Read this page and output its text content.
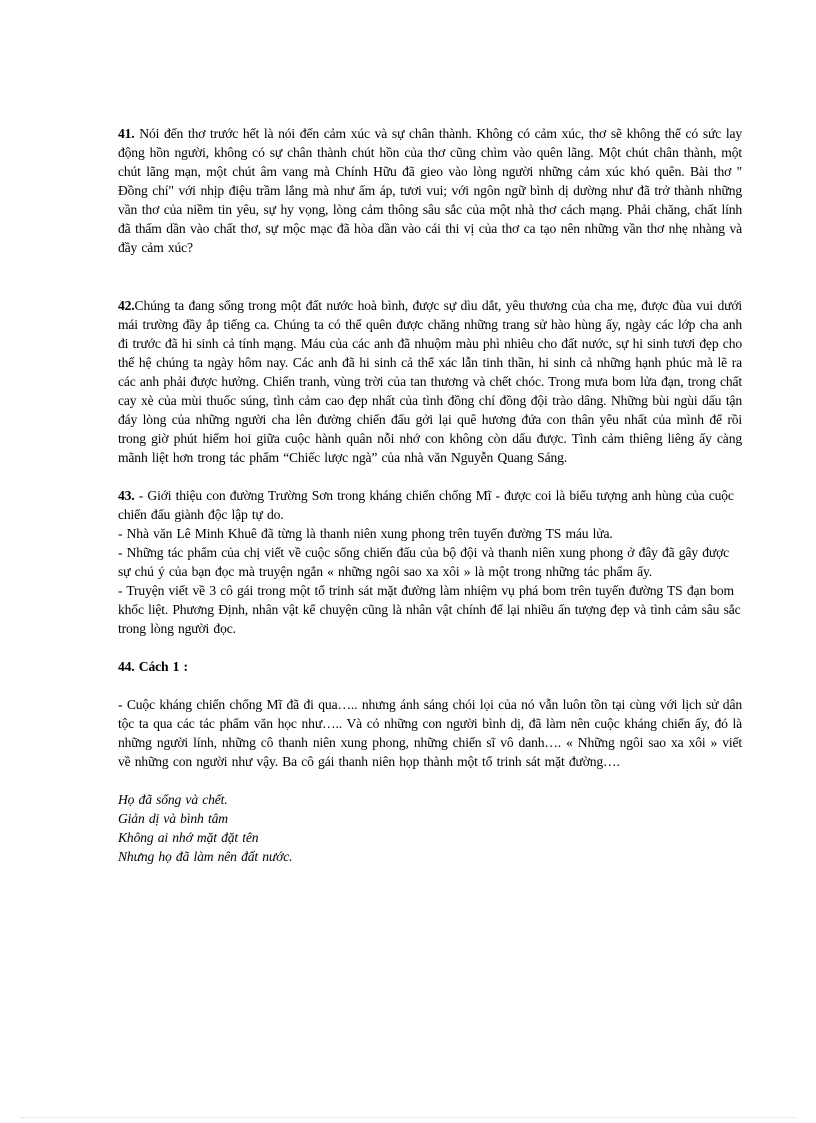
41. Nói đến thơ trước hết là nói đến cảm xúc và sự chân thành. Không có cảm xúc, thơ sẽ không thể có sức lay động hồn người, không có sự chân thành chút hồn của thơ cũng chìm vào quên lãng. Một chút chân thành, một chút lãng mạn, một chút âm vang mà Chính Hữu đã gieo vào lòng người những cảm xúc khó quên. Bài thơ " Đồng chí" với nhịp điệu trầm lắng mà như ấm áp, tươi vui; với ngôn ngữ bình dị dường như đã trở thành những vần thơ của niềm tin yêu, sự hy vọng, lòng cảm thông sâu sắc của một nhà thơ cách mạng. Phải chăng, chất lính đã thấm dần vào chất thơ, sự mộc mạc đã hòa dần vào cái thi vị của thơ ca tạo nên những vần thơ nhẹ nhàng và đầy cảm xúc?

42.Chúng ta đang sống trong một đất nước hoà bình, được sự dìu dắt, yêu thương của cha mẹ, được đùa vui dưới mái trường đầy ắp tiếng ca. Chúng ta có thể quên được chăng những trang sử hào hùng ấy, ngày các lớp cha anh đi trước đã hi sinh cả tính mạng. Máu của các anh đã nhuộm màu phì nhiêu cho đất nước, sự hi sinh tươi đẹp cho thế hệ chúng ta ngày hôm nay. Các anh đã hi sinh cả thể xác lẫn tinh thần, hi sinh cả những hạnh phúc mà lẽ ra các anh phải được hưởng. Chiến tranh, vùng trời của tan thương và chết chóc. Trong mưa bom lửa đạn, trong chất cay xè của mùi thuốc súng, tình cảm cao đẹp nhất của tình đồng chí đồng đội trào dâng. Những bùi ngùi dấu tận đáy lòng của những người cha lên đường chiến đấu gởi lại quê hương đứa con thân yêu nhất của mình để rồi trong giờ phút hiểm hoi giữa cuộc hành quân nỗi nhớ con không còn dấu được. Tình cảm thiêng liêng ấy càng mãnh liệt hơn trong tác phẩm “Chiếc lược ngà” của nhà văn Nguyễn Quang Sáng.

43. - Giới thiệu con đường Trường Sơn trong kháng chiến chống Mĩ - được coi là biểu tượng anh hùng của cuộc chiến đấu giành độc lập tự do.
- Nhà văn Lê Minh Khuê đã từng là thanh niên xung phong trên tuyến đường TS máu lửa.
- Những tác phẩm của chị viết về cuộc sống chiến đấu của bộ đội và thanh niên xung phong ở đây đã gây được sự chú ý của bạn đọc mà truyện ngắn « những ngôi sao xa xôi » là một trong những tác phẩm ấy.
- Truyện viết về 3 cô gái trong một tổ trinh sát mặt đường làm nhiệm vụ phá bom trên tuyến đường TS đạn bom khốc liệt. Phương Định, nhân vật kể chuyện cũng là nhân vật chính để lại nhiều ấn tượng đẹp và tình cảm sâu sắc trong lòng người đọc.

44. Cách 1 :

- Cuộc kháng chiến chống Mĩ đã đi qua….. nhưng ánh sáng chói lọi của nó vẫn luôn tồn tại cùng với lịch sử dân tộc ta qua các tác phẩm văn học như….. Và có những con người bình dị, đã làm nên cuộc kháng chiến ấy, đó là những người lính, những cô thanh niên xung phong, những chiến sĩ vô danh…. « Những ngôi sao xa xôi » viết về những con người như vậy. Ba cô gái thanh niên họp thành một tổ trinh sát mặt đường….

Họ đã sống và chết.
Giản dị và bình tâm
Không ai nhớ mặt đặt tên
Nhưng họ đã làm nên đất nước.
